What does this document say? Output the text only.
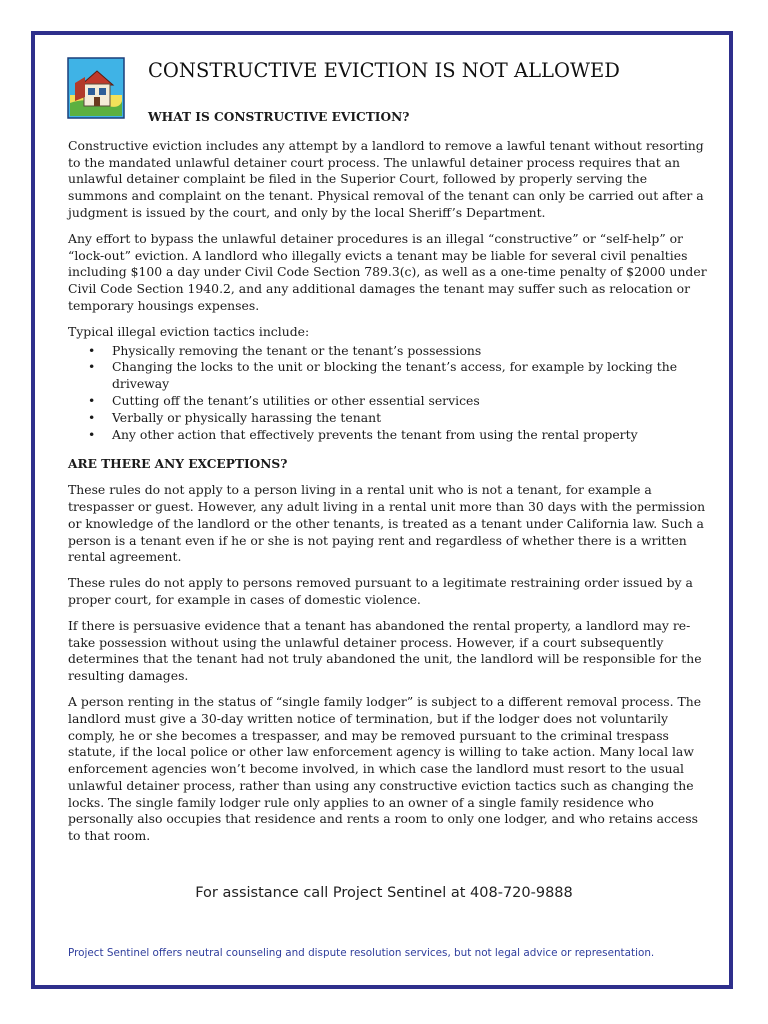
CONSTRUCTIVE EVICTION IS NOT ALLOWED
WHAT IS CONSTRUCTIVE EVICTION?

Constructive eviction includes any attempt by a landlord to remove a lawful tenant without resorting to the mandated unlawful detainer court process. The unlawful detainer process requires that an unlawful detainer complaint be filed in the Superior Court, followed by properly serving the summons and complaint on the tenant. Physical removal of the tenant can only be carried out after a judgment is issued by the court, and only by the local Sheriff’s Department.

Any effort to bypass the unlawful detainer procedures is an illegal “constructive” or “self-help” or “lock-out” eviction. A landlord who illegally evicts a tenant may be liable for several civil penalties including $100 a day under Civil Code Section 789.3(c), as well as a one-time penalty of $2000 under Civil Code Section 1940.2, and any additional damages the tenant may suffer such as relocation or temporary housings expenses.

Typical illegal eviction tactics include:

• Physically removing the tenant or the tenant’s possessions
• Changing the locks to the unit or blocking the tenant’s access, for example by locking the driveway
• Cutting off the tenant’s utilities or other essential services
• Verbally or physically harassing the tenant
• Any other action that effectively prevents the tenant from using the rental property
ARE THERE ANY EXCEPTIONS?

These rules do not apply to a person living in a rental unit who is not a tenant, for example a trespasser or guest. However, any adult living in a rental unit more than 30 days with the permission or knowledge of the landlord or the other tenants, is treated as a tenant under California law. Such a person is a tenant even if he or she is not paying rent and regardless of whether there is a written rental agreement.

These rules do not apply to persons removed pursuant to a legitimate restraining order issued by a proper court, for example in cases of domestic violence.

If there is persuasive evidence that a tenant has abandoned the rental property, a landlord may re-take possession without using the unlawful detainer process. However, if a court subsequently determines that the tenant had not truly abandoned the unit, the landlord will be responsible for the resulting damages.

A person renting in the status of “single family lodger” is subject to a different removal process. The landlord must give a 30-day written notice of termination, but if the lodger does not voluntarily comply, he or she becomes a trespasser, and may be removed pursuant to the criminal trespass statute, if the local police or other law enforcement agency is willing to take action. Many local law enforcement agencies won’t become involved, in which case the landlord must resort to the usual unlawful detainer process, rather than using any constructive eviction tactics such as changing the locks. The single family lodger rule only applies to an owner of a single family residence who personally also occupies that residence and rents a room to only one lodger, and who retains access to that room.

For assistance call Project Sentinel at 408-720-9888
Project Sentinel offers neutral counseling and dispute resolution services, but not legal advice or representation.
